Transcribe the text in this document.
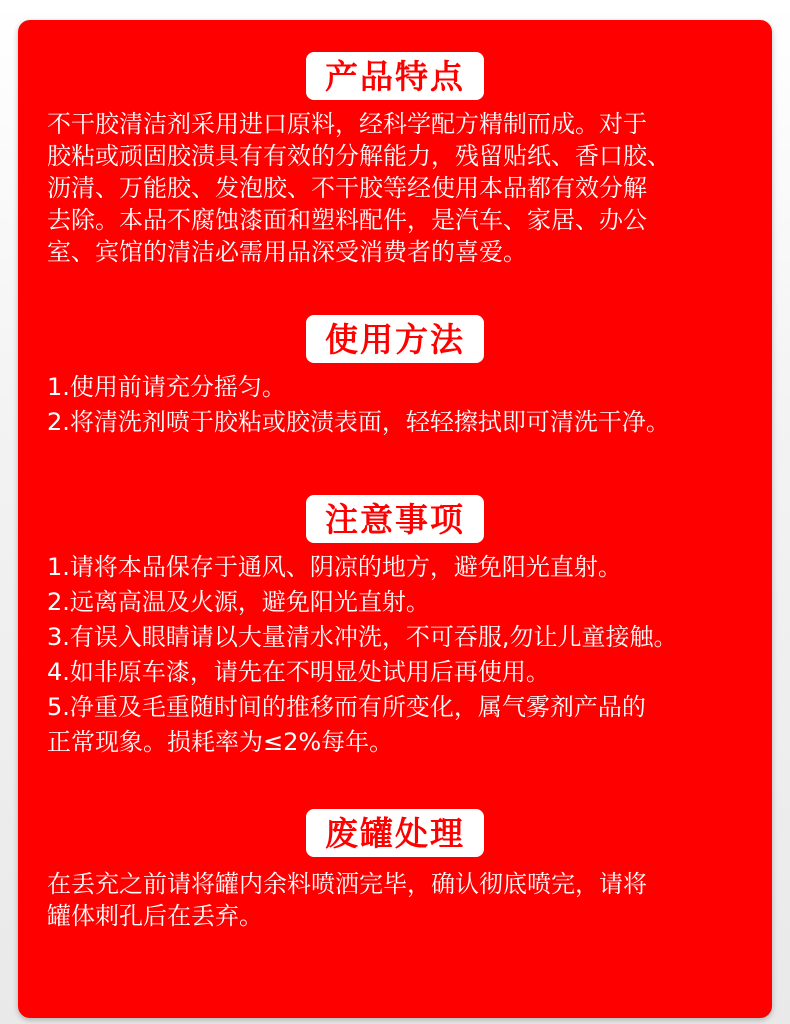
产品特点
不干胶清洁剂采用进口原料，经科学配方精制而成。对于
胶粘或顽固胶渍具有有效的分解能力，残留贴纸、香口胶、
沥清、万能胶、发泡胶、不干胶等经使用本品都有效分解
去除。本品不腐蚀漆面和塑料配件，是汽车、家居、办公
室、宾馆的清洁必需用品深受消费者的喜爱。
使用方法
1.使用前请充分摇匀。
2.将清洗剂喷于胶粘或胶渍表面，轻轻擦拭即可清洗干净。
注意事项
1.请将本品保存于通风、阴凉的地方，避免阳光直射。
2.远离高温及火源，避免阳光直射。
3.有误入眼睛请以大量清水冲洗，不可吞服,勿让儿童接触。
4.如非原车漆，请先在不明显处试用后再使用。
5.净重及毛重随时间的推移而有所变化，属气雾剂产品的
正常现象。损耗率为≤2%每年。
废罐处理
在丢充之前请将罐内余料喷洒完毕，确认彻底喷完，请将
罐体刺孔后在丢弃。
